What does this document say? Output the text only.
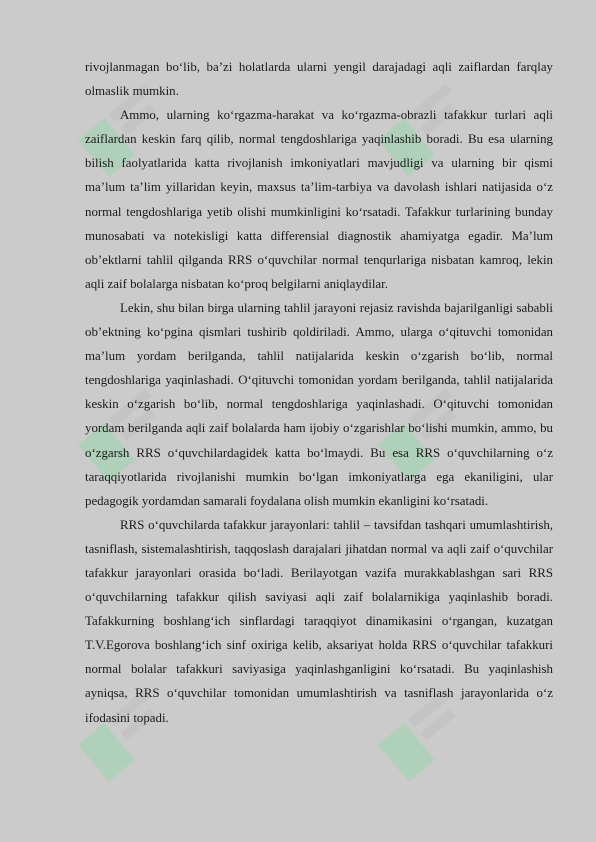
rivojlanmagan bo‘lib, ba’zi holatlarda ularni yengil darajadagi aqli zaiflardan farqlay olmaslik mumkin.

Ammo, ularning ko‘rgazma-harakat va ko‘rgazma-obrazli tafakkur turlari aqli zaiflardan keskin farq qilib, normal tengdoshlariga yaqinlashib boradi. Bu esa ularning bilish faolyatlarida katta rivojlanish imkoniyatlari mavjudligi va ularning bir qismi ma’lum ta’lim yillaridan keyin, maxsus ta’lim-tarbiya va davolash ishlari natijasida o‘z normal tengdoshlariga yetib olishi mumkinligini ko‘rsatadi. Tafakkur turlarining bunday munosabati va notekisligi katta differensial diagnostik ahamiyatga egadir. Ma’lum ob’ektlarni tahlil qilganda RRS o‘quvchilar normal tenqurlariga nisbatan kamroq, lekin aqli zaif bolalarga nisbatan ko‘proq belgilarni aniqlaydilar.

Lekin, shu bilan birga ularning tahlil jarayoni rejasiz ravishda bajarilganligi sababli ob’ektning ko‘pgina qismlari tushirib qoldiriladi. Ammo, ularga o‘qituvchi tomonidan ma’lum yordam berilganda, tahlil natijalarida keskin o‘zgarish bo‘lib, normal tengdoshlariga yaqinlashadi. O‘qituvchi tomonidan yordam berilganda, tahlil natijalarida keskin o‘zgarish bo‘lib, normal tengdoshlariga yaqinlashadi. O‘qituvchi tomonidan yordam berilganda aqli zaif bolalarda ham ijobiy o‘zgarishlar bo‘lishi mumkin, ammo, bu o‘zgarsh RRS o‘quvchilardagidek katta bo‘lmaydi. Bu esa RRS o‘quvchilarning o‘z taraqqiyotlarida rivojlanishi mumkin bo‘lgan imkoniyatlarga ega ekaniligini, ular pedagogik yordamdan samarali foydalana olish mumkin ekanligini ko‘rsatadi.

RRS o‘quvchilarda tafakkur jarayonlari: tahlil – tavsifdan tashqari umumlashtirish, tasniflash, sistemalashtirish, taqqoslash darajalari jihatdan normal va aqli zaif o‘quvchilar tafakkur jarayonlari orasida bo‘ladi. Berilayotgan vazifa murakkablashgan sari RRS o‘quvchilarning tafakkur qilish saviyasi aqli zaif bolalarnikiga yaqinlashib boradi. Tafakkurning boshlang‘ich sinflardagi taraqqiyot dinamikasini o‘rgangan, kuzatgan T.V.Egorova boshlang‘ich sinf oxiriga kelib, aksariyat holda RRS o‘quvchilar tafakkuri normal bolalar tafakkuri saviyasiga yaqinlashganligini ko‘rsatadi. Bu yaqinlashish ayniqsa, RRS o‘quvchilar tomonidan umumlashtirish va tasniflash jarayonlarida o‘z ifodasini topadi.
